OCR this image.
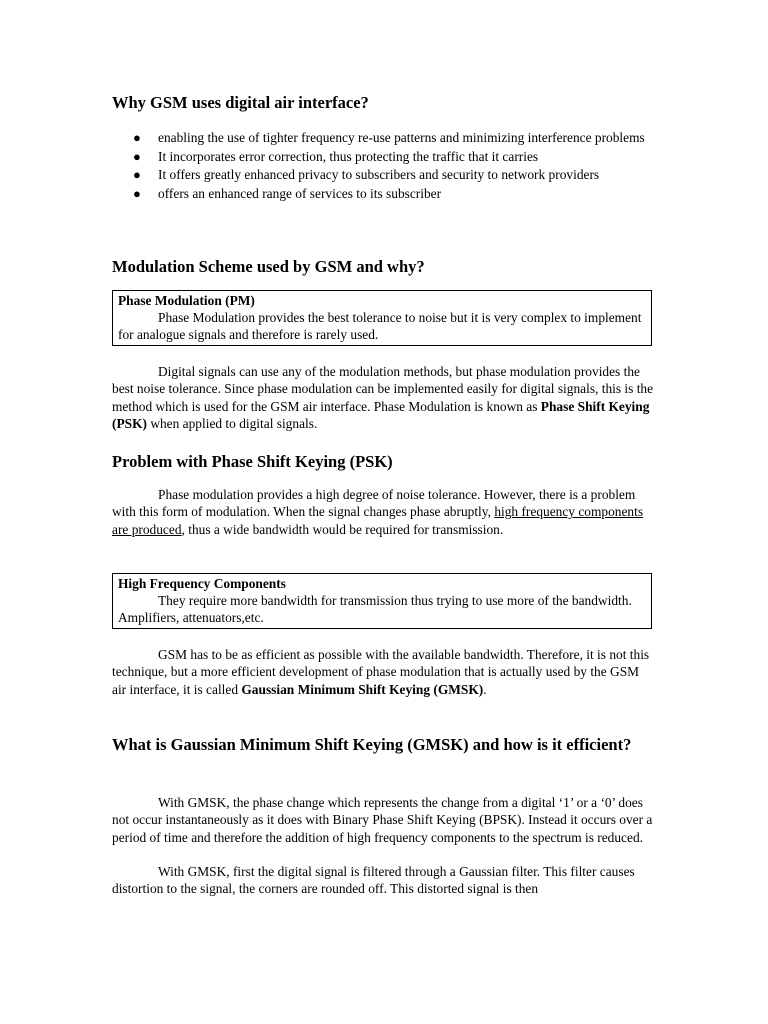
Why GSM uses digital air interface?
● enabling the use of tighter frequency re-use patterns and minimizing interference problems
● It incorporates error correction, thus protecting the traffic that it carries
● It offers greatly enhanced privacy to subscribers and security to network providers
● offers an enhanced range of services to its subscriber
Modulation Scheme used by GSM and why?
Phase Modulation (PM)
Phase Modulation provides the best tolerance to noise but it is very complex to implement for analogue signals and therefore is rarely used.

Digital signals can use any of the modulation methods, but phase modulation provides the best noise tolerance. Since phase modulation can be implemented easily for digital signals, this is the method which is used for the GSM air interface. Phase Modulation is known as Phase Shift Keying (PSK) when applied to digital signals.

Problem with Phase Shift Keying (PSK)

Phase modulation provides a high degree of noise tolerance. However, there is a problem with this form of modulation. When the signal changes phase abruptly, high frequency components are produced, thus a wide bandwidth would be required for transmission.

High Frequency Components
They require more bandwidth for transmission thus trying to use more of the bandwidth. Amplifiers, attenuators,etc.

GSM has to be as efficient as possible with the available bandwidth. Therefore, it is not this technique, but a more efficient development of phase modulation that is actually used by the GSM air interface, it is called Gaussian Minimum Shift Keying (GMSK).

What is Gaussian Minimum Shift Keying (GMSK) and how is it efficient?

With GMSK, the phase change which represents the change from a digital ‘1’ or a ‘0’ does not occur instantaneously as it does with Binary Phase Shift Keying (BPSK). Instead it occurs over a period of time and therefore the addition of high frequency components to the spectrum is reduced.

With GMSK, first the digital signal is filtered through a Gaussian filter. This filter causes distortion to the signal, the corners are rounded off. This distorted signal is then
